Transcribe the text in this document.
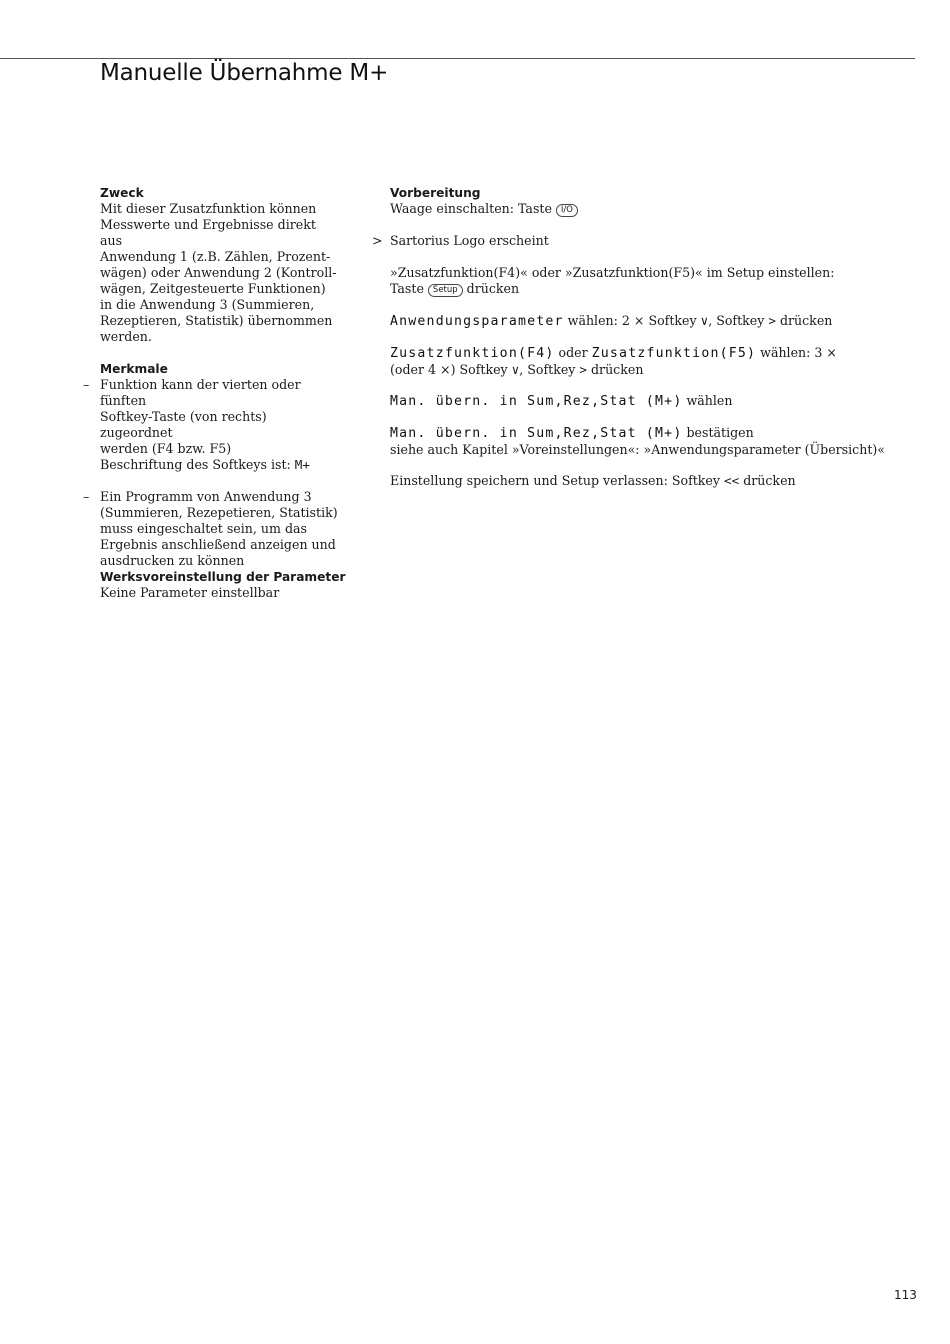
Manuelle Übernahme M+
Zweck
Mit dieser Zusatzfunktion können
Messwerte und Ergebnisse direkt aus
Anwendung 1 (z.B. Zählen, Prozent-
wägen) oder Anwendung 2 (Kontroll-
wägen, Zeitgesteuerte Funktionen)
in die Anwendung 3 (Summieren,
Rezeptieren, Statistik) übernommen
werden.
Merkmale
– Funktion kann der vierten oder fünften
Softkey-Taste (von rechts) zugeordnet
werden (F4 bzw. F5)
Beschriftung des Softkeys ist: M+
– Ein Programm von Anwendung 3
(Summieren, Rezepetieren, Statistik)
muss eingeschaltet sein, um das
Ergebnis anschließend anzeigen und
ausdrucken zu können
Werksvoreinstellung der Parameter
Keine Parameter einstellbar
Vorbereitung
Waage einschalten: Taste I/O
> Sartorius Logo erscheint
»Zusatzfunktion(F4)« oder »Zusatzfunktion(F5)« im Setup einstellen:
Taste Setup drücken
Anwendungsparameter wählen: 2 × Softkey ∨, Softkey > drücken
Zusatzfunktion(F4) oder Zusatzfunktion(F5) wählen: 3 ×
(oder 4 ×) Softkey ∨, Softkey > drücken
Man. übern. in Sum,Rez,Stat (M+) wählen
Man. übern. in Sum,Rez,Stat (M+) bestätigen
siehe auch Kapitel »Voreinstellungen«: »Anwendungsparameter (Übersicht)«
Einstellung speichern und Setup verlassen: Softkey << drücken
113
